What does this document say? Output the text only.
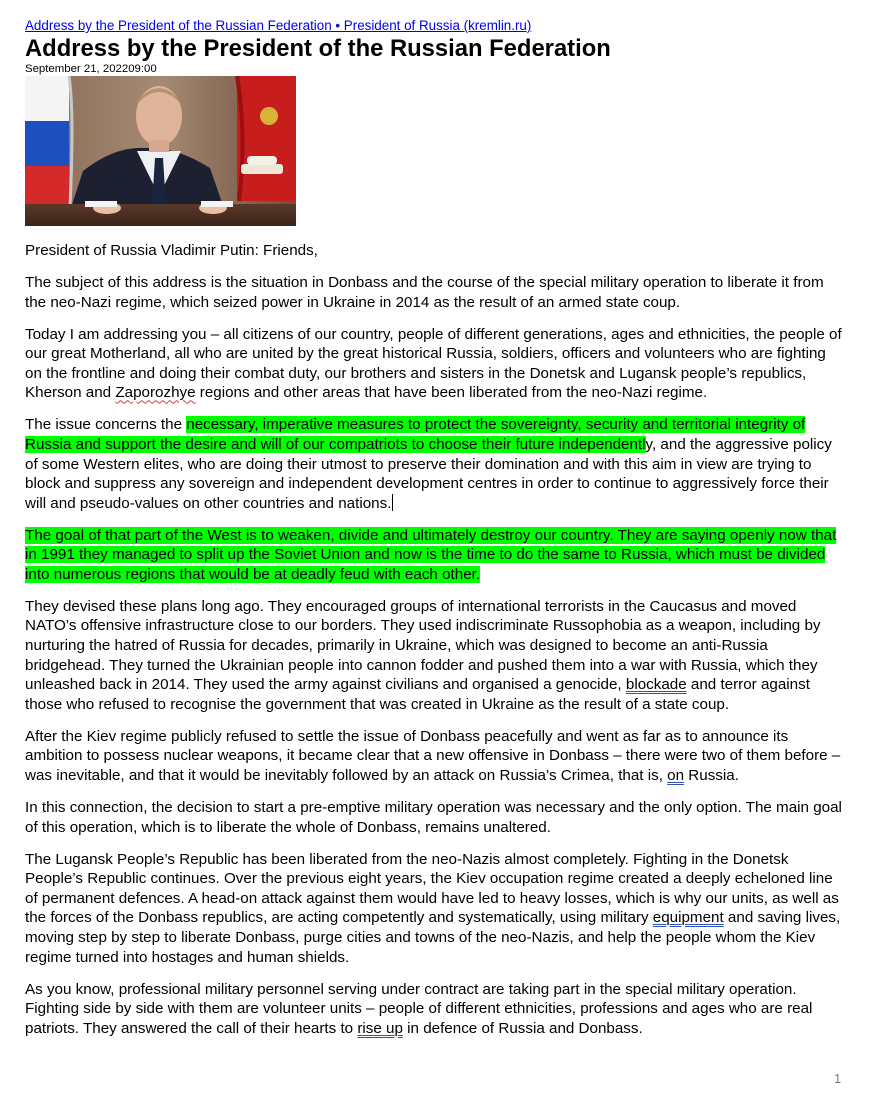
Address by the President of the Russian Federation • President of Russia (kremlin.ru)
Address by the President of the Russian Federation
September 21, 202209:00

President of Russia Vladimir Putin: Friends,

The subject of this address is the situation in Donbass and the course of the special military operation to liberate it from the neo-Nazi regime, which seized power in Ukraine in 2014 as the result of an armed state coup.

Today I am addressing you – all citizens of our country, people of different generations, ages and ethnicities, the people of our great Motherland, all who are united by the great historical Russia, soldiers, officers and volunteers who are fighting on the frontline and doing their combat duty, our brothers and sisters in the Donetsk and Lugansk people’s republics, Kherson and Zaporozhye regions and other areas that have been liberated from the neo-Nazi regime.

The issue concerns the necessary, imperative measures to protect the sovereignty, security and territorial integrity of Russia and support the desire and will of our compatriots to choose their future independently, and the aggressive policy of some Western elites, who are doing their utmost to preserve their domination and with this aim in view are trying to block and suppress any sovereign and independent development centres in order to continue to aggressively force their will and pseudo-values on other countries and nations.

The goal of that part of the West is to weaken, divide and ultimately destroy our country. They are saying openly now that in 1991 they managed to split up the Soviet Union and now is the time to do the same to Russia, which must be divided into numerous regions that would be at deadly feud with each other.

They devised these plans long ago. They encouraged groups of international terrorists in the Caucasus and moved NATO’s offensive infrastructure close to our borders. They used indiscriminate Russophobia as a weapon, including by nurturing the hatred of Russia for decades, primarily in Ukraine, which was designed to become an anti-Russia bridgehead. They turned the Ukrainian people into cannon fodder and pushed them into a war with Russia, which they unleashed back in 2014. They used the army against civilians and organised a genocide, blockade and terror against those who refused to recognise the government that was created in Ukraine as the result of a state coup.

After the Kiev regime publicly refused to settle the issue of Donbass peacefully and went as far as to announce its ambition to possess nuclear weapons, it became clear that a new offensive in Donbass – there were two of them before – was inevitable, and that it would be inevitably followed by an attack on Russia’s Crimea, that is, on Russia.

In this connection, the decision to start a pre-emptive military operation was necessary and the only option. The main goal of this operation, which is to liberate the whole of Donbass, remains unaltered.

The Lugansk People’s Republic has been liberated from the neo-Nazis almost completely. Fighting in the Donetsk People’s Republic continues. Over the previous eight years, the Kiev occupation regime created a deeply echeloned line of permanent defences. A head-on attack against them would have led to heavy losses, which is why our units, as well as the forces of the Donbass republics, are acting competently and systematically, using military equipment and saving lives, moving step by step to liberate Donbass, purge cities and towns of the neo-Nazis, and help the people whom the Kiev regime turned into hostages and human shields.

As you know, professional military personnel serving under contract are taking part in the special military operation. Fighting side by side with them are volunteer units – people of different ethnicities, professions and ages who are real patriots. They answered the call of their hearts to rise up in defence of Russia and Donbass.

1
